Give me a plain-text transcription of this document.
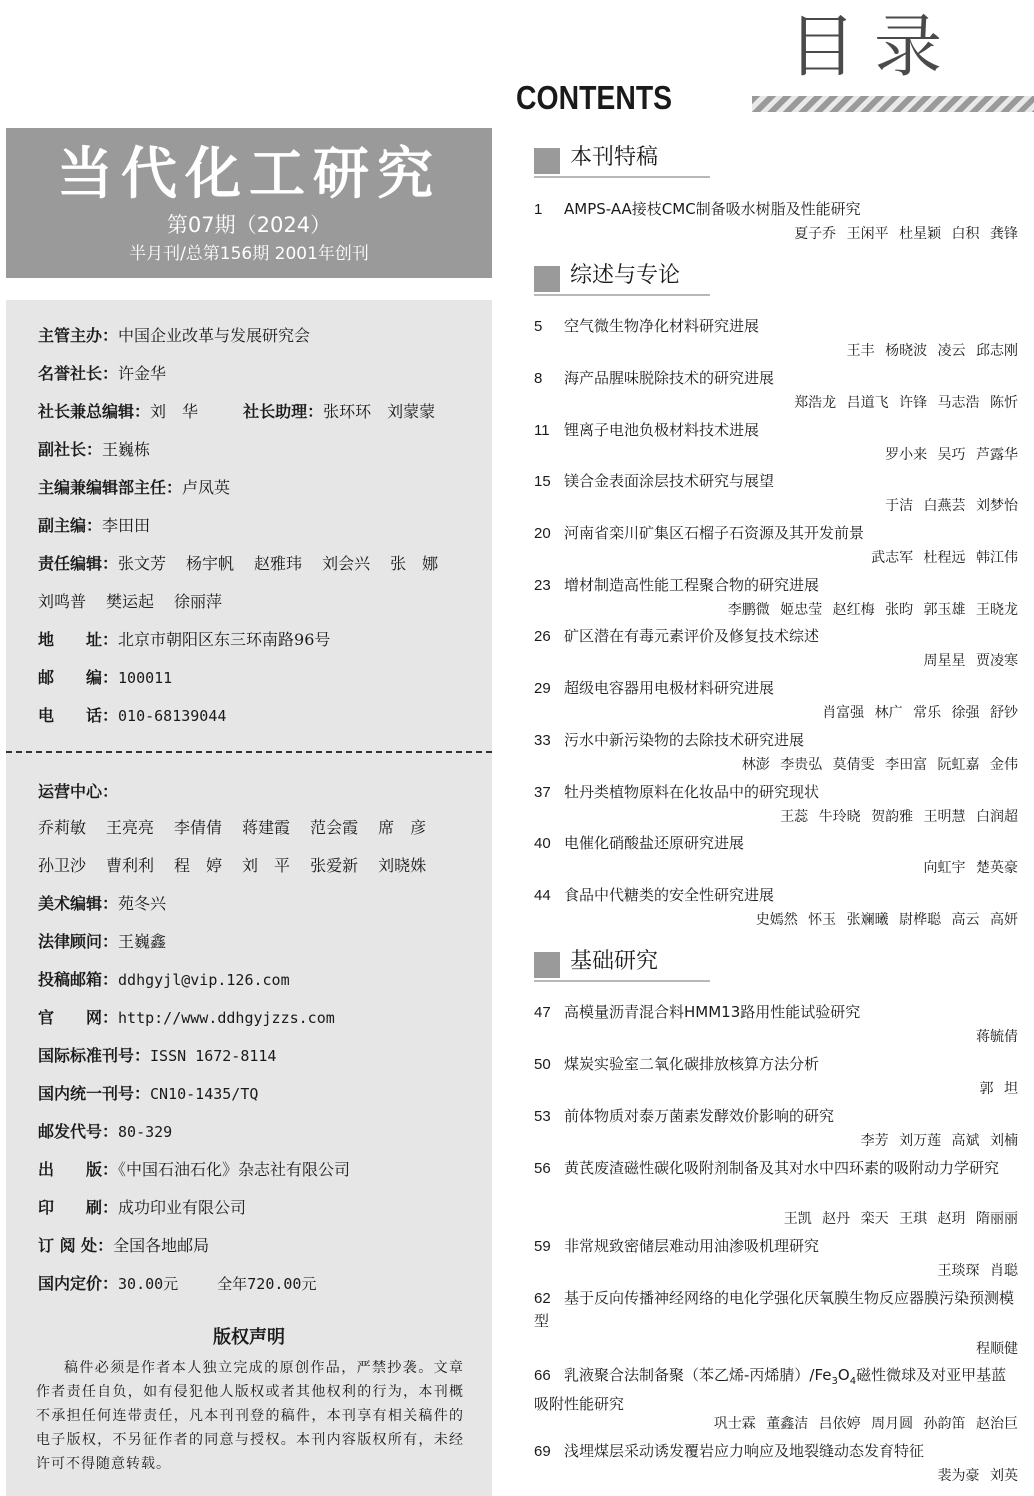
目录
CONTENTS
当代化工研究
第07期（2024）
半月刊/总第156期 2001年创刊
主管主办：中国企业改革与发展研究会
名誉社长：许金华
社长兼总编辑：刘　华	社长助理：张环环　刘蒙蒙
副社长：王巍栋
主编兼编辑部主任：卢凤英
副主编：李田田
责任编辑：张文芳 杨宇帆 赵雅玮 刘会兴 张　娜
刘鸣普 樊运起 徐丽萍
地　　址：北京市朝阳区东三环南路96号
邮　　编：100011
电　　话：010-68139044
运营中心：
乔莉敏 王亮亮 李倩倩 蒋建霞 范会霞 席　彦
孙卫沙 曹利利 程　婷 刘　平 张爱新 刘晓姝
美术编辑：苑冬兴
法律顾问：王巍鑫
投稿邮箱：ddhgyjl@vip.126.com
官　　网：http://www.ddhgyjzzs.com
国际标准刊号：ISSN 1672-8114
国内统一刊号：CN10-1435/TQ
邮发代号：80-329
出　　版：《中国石油石化》杂志社有限公司
印　　刷：成功印业有限公司
订 阅 处：全国各地邮局
国内定价：30.00元	全年720.00元
版权声明
稿件必须是作者本人独立完成的原创作品，严禁抄袭。文章作者责任自负，如有侵犯他人版权或者其他权利的行为，本刊概不承担任何连带责任，凡本刊刊登的稿件，本刊享有相关稿件的电子版权，不另征作者的同意与授权。本刊内容版权所有，未经许可不得随意转载。
本刊特稿
1 AMPS-AA接枝CMC制备吸水树脂及性能研究
夏子乔 王闲平 杜星颖 白积 龚锋
综述与专论
5 空气微生物净化材料研究进展
王丰 杨晓波 凌云 邱志刚
8 海产品腥味脱除技术的研究进展
郑浩龙 吕道飞 许锋 马志浩 陈忻
11 锂离子电池负极材料技术进展
罗小来 吴巧 芦露华
15 镁合金表面涂层技术研究与展望
于洁 白燕芸 刘梦怡
20 河南省栾川矿集区石榴子石资源及其开发前景
武志军 杜程远 韩江伟
23 增材制造高性能工程聚合物的研究进展
李鹏微 姬忠莹 赵红梅 张昀 郭玉雄 王晓龙
26 矿区潜在有毒元素评价及修复技术综述
周星星 贾凌寒
29 超级电容器用电极材料研究进展
肖富强 林广 常乐 徐强 舒钞
33 污水中新污染物的去除技术研究进展
林澎 李贵弘 莫倩雯 李田富 阮虹嘉 金伟
37 牡丹类植物原料在化妆品中的研究现状
王蕊 牛玲晓 贺韵雅 王明慧 白润超
40 电催化硝酸盐还原研究进展
向虹宇 楚英豪
44 食品中代糖类的安全性研究进展
史嫣然 怀玉 张斓曦 尉桦聪 高云 高妍
基础研究
47 高模量沥青混合料HMM13路用性能试验研究
蒋毓倩
50 煤炭实验室二氧化碳排放核算方法分析
郭 坦
53 前体物质对泰万菌素发酵效价影响的研究
李芳 刘万莲 高斌 刘楠
56 黄芪废渣磁性碳化吸附剂制备及其对水中四环素的吸附动力学研究
王凯 赵丹 栾天 王琪 赵玥 隋丽丽
59 非常规致密储层难动用油渗吸机理研究
王琰琛 肖聪
62 基于反向传播神经网络的电化学强化厌氧膜生物反应器膜污染预测模型
程顺健
66 乳液聚合法制备聚（苯乙烯-丙烯腈）$/Fe_3O_4$磁性微球及对亚甲基蓝吸附性能研究
巩士霖 董鑫洁 吕依婷 周月圆 孙韵笛 赵治巨
69 浅埋煤层采动诱发覆岩应力响应及地裂缝动态发育特征
裴为豪 刘英
